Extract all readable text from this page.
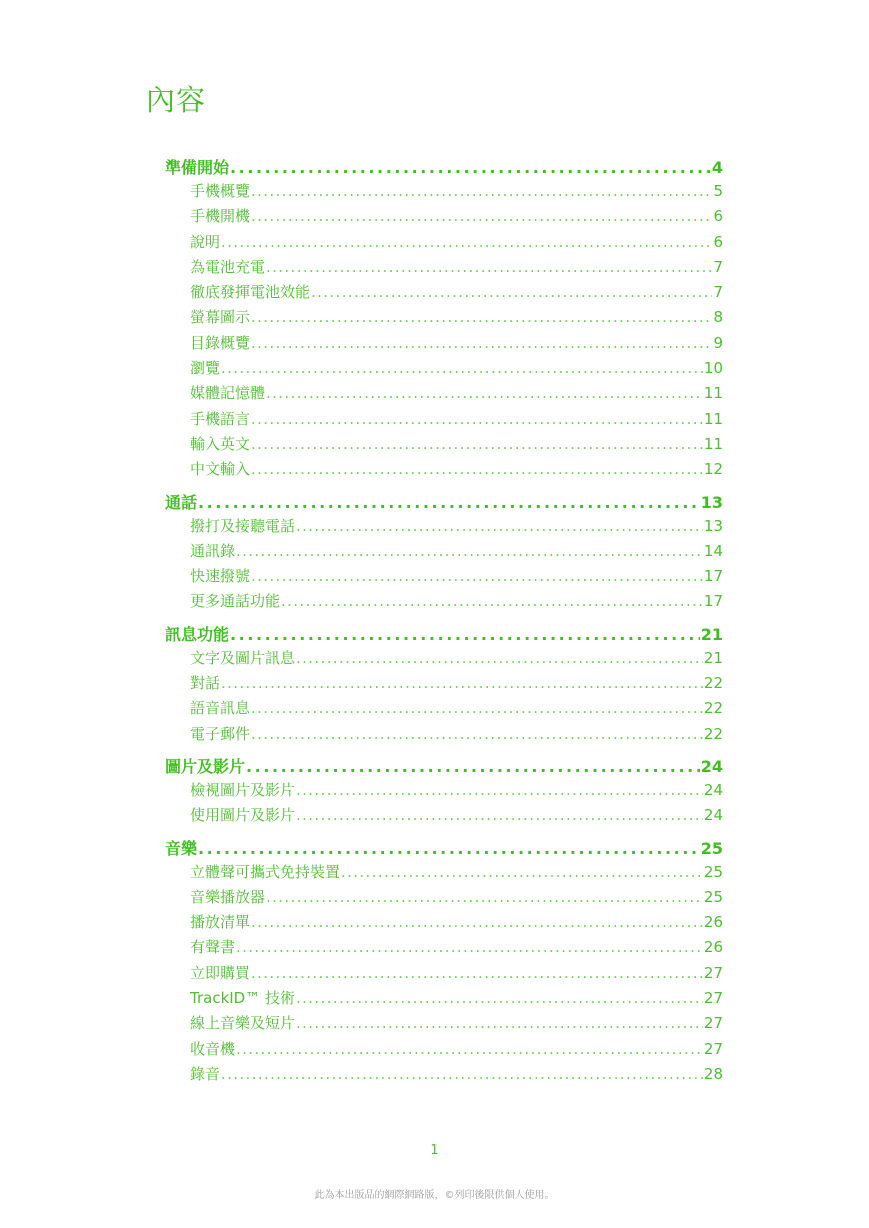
內容
準備開始 . . .	4
手機概覽 . . .	5
手機開機 . . .	6
說明 . . .	6
為電池充電 . . .	7
徹底發揮電池效能 . . .	7
螢幕圖示 . . .	8
目錄概覽 . . .	9
瀏覽 . . .	10
媒體記憶體 . . .	11
手機語言 . . .	11
輸入英文 . . .	11
中文輸入 . . .	12
通話 . . .	13
撥打及接聽電話 . . .	13
通訊錄 . . .	14
快速撥號 . . .	17
更多通話功能 . . .	17
訊息功能 . . .	21
文字及圖片訊息 . . .	21
對話 . . .	22
語音訊息 . . .	22
電子郵件 . . .	22
圖片及影片 . . .	24
檢視圖片及影片 . . .	24
使用圖片及影片 . . .	24
音樂 . . .	25
立體聲可攜式免持裝置 . . .	25
音樂播放器 . . .	25
播放清單 . . .	26
有聲書 . . .	26
立即購買 . . .	27
TrackID™ 技術 . . .	27
線上音樂及短片 . . .	27
收音機 . . .	27
錄音 . . .	28
1
此為本出版品的網際網路版，©列印後限供個人使用。
